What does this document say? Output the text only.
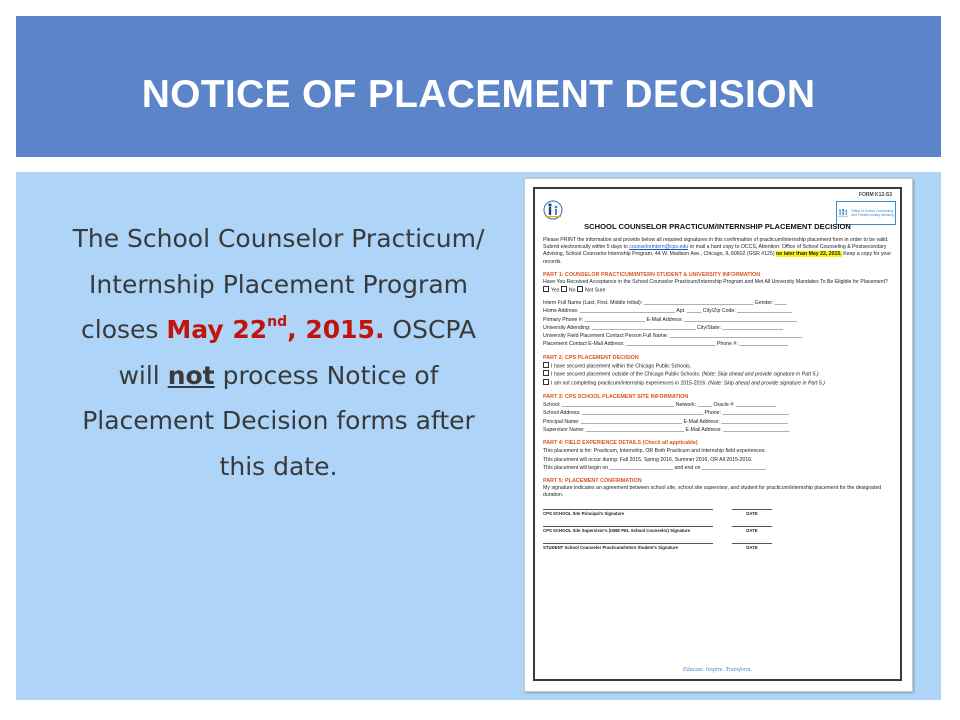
NOTICE OF PLACEMENT DECISION
The School Counselor Practicum/ Internship Placement Program closes May 22nd, 2015. OSCPA will not process Notice of Placement Decision forms after this date.
FORM K12-S3
Office of School Counseling and Postsecondary Advising
SCHOOL COUNSELOR PRACTICUM/INTERNSHIP PLACEMENT DECISION

Please PRINT the information and provide below all required signatures in this confirmation of practicum/internship placement form in order to be valid. Submit electronically within 5 days to counselorintern@cps.edu or mail a hard copy to OCCS, Attention: Office of School Counseling & Postsecondary Advising, School Counselor Internship Program, 44 W. Madison Ave., Chicago, IL 60602 (GSR #125) no later than May 22, 2015. Keep a copy for your records.

PART 1: COUNSELOR PRACTICUM/INTERN STUDENT & UNIVERSITY INFORMATION
Have You Received Acceptance in the School Counselor Practicum/Internship Program and Met All University Mandates To Be Eligible for Placement? Yes No Not Sure
Intern Full Name (Last, First, Middle Initial): ______________________________________ Gender: ____
Home Address: _________________________________ Apt. _____ City/Zip Code: ___________________
Primary Phone #: _____________________ E-Mail Address: _______________________________________
University Attending: ____________________________________ City/State: _____________________
University Field Placement Contact Person Full Name: ______________________________________________
Placement Contact E-Mail Address: _______________________________ Phone #: _________________
PART 2: CPS PLACEMENT DECISION
I have secured placement within the Chicago Public Schools.
I have secured placement outside of the Chicago Public Schools. (Note: Skip ahead and provide signature in Part 5.)
I am not completing practicum/internship experiences in 2015-2016. (Note: Skip ahead and provide signature in Part 5.)
PART 3: CPS SCHOOL PLACEMENT SITE INFORMATION
School: _______________________________________ Network: _____ Oracle #: ______________
School Address: __________________________________________ Phone: _______________________
Principal Name: ___________________________________ E-Mail Address: _______________________
Supervisor Name: __________________________________ E-Mail Address: _______________________
PART 4: FIELD EXPERIENCE DETAILS (Check all applicable)
This placement is for: Practicum, Internship, OR Both Practicum and Internship field experiences.
This placement will occur during: Fall 2015, Spring 2016, Summer 2016, OR All 2015-2016.
This placement will begin on ______________________ and end on ______________________.
PART 5: PLACEMENT CONFIRMATION
My signature indicates an agreement between school site, school site supervisor, and student for practicum/internship placement for the designated duration.
CPS SCHOOL Site Principal's Signature	DATE
CPS SCHOOL Site Supervisor's (ISBE PEL School Counselor) Signature	DATE
STUDENT School Counselor Practicum/Intern Student's Signature	DATE
Educate. Inspire. Transform.
